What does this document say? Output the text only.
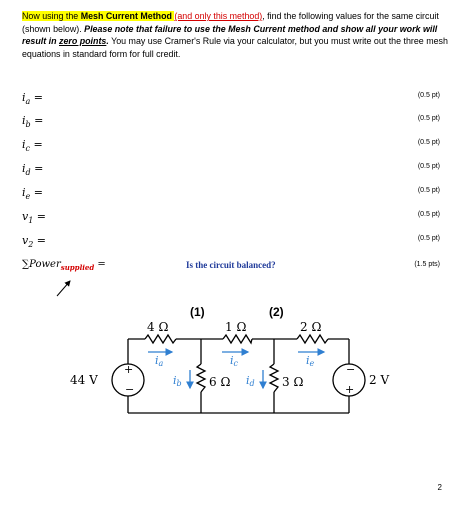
Now using the Mesh Current Method (and only this method), find the following values for the same circuit (shown below). Please note that failure to use the Mesh Current method and show all your work will result in zero points. You may use Cramer's Rule via your calculator, but you must write out the three mesh equations in standard form for full credit.
$i_a$ =	(0.5 pt)
$i_b$ =	(0.5 pt)
$i_c$ =	(0.5 pt)
$i_d$ =	(0.5 pt)
$i_e$ =	(0.5 pt)
$v_1$ =	(0.5 pt)
$v_2$ =	(0.5 pt)
∑Power$_{supplied}$ =	Is the circuit balanced?	(1.5 pts)
4 Ω	1 Ω	2 Ω
6 Ω	3 Ω
44 V	2 V
(1)	(2)
+
−
−
+
ia	ic	ie
ib	id
2
